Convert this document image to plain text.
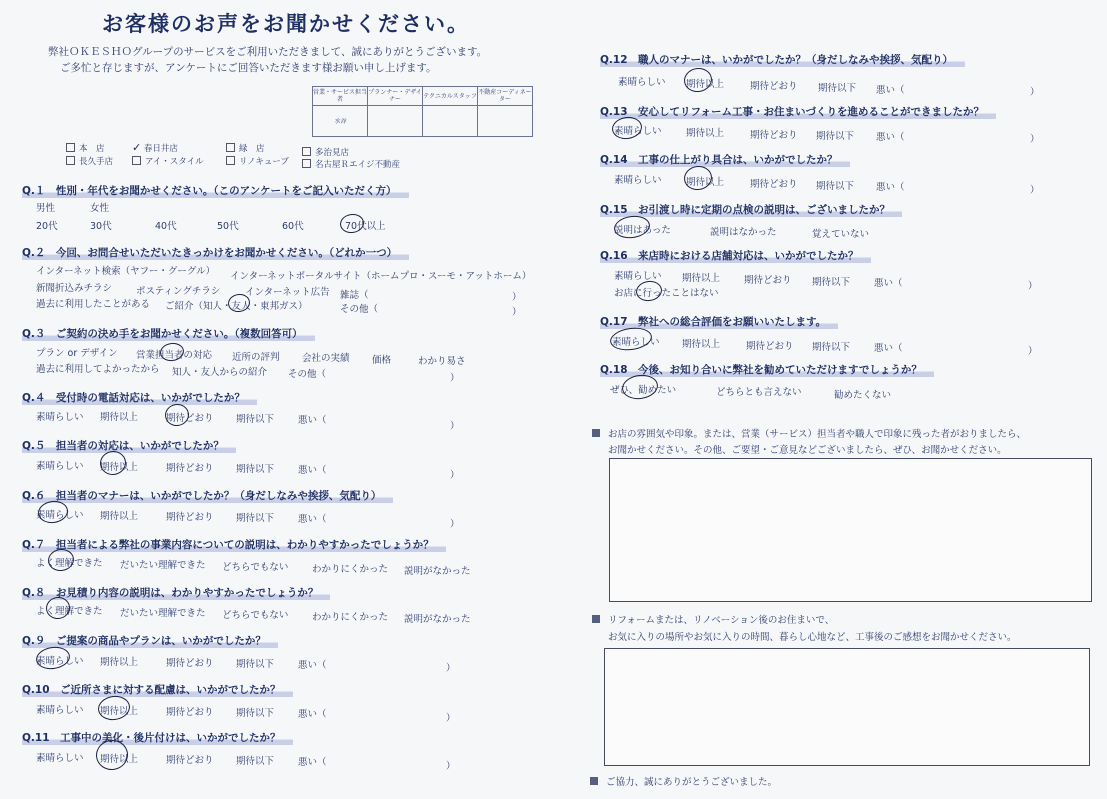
お客様のお声をお聞かせください。
弊社ＯＫＥＳＨＯグループのサービスをご利用いただきまして、誠にありがとうございます。
ご多忙と存じますが、アンケートにご回答いただきます様お願い申し上げます。
営業・サービス担当者	プランナー・デザイナー	テクニカルスタッフ	不動産コーディネーター
水谷			
本　店
長久手店
✓ 春日井店
アイ・スタイル
緑　店
リノキューブ
多治見店
名古屋Ｒエイジ不動産
Q.１　性別・年代をお聞かせください。（このアンケートをご記入いただく方）
男性	女性
20代	30代	40代	50代	60代	70代以上
Q.２　今回、お問合せいただいたきっかけをお聞かせください。（どれか一つ）
インターネット検索（ヤフー・グーグル） インターネットポータルサイト（ホームプロ・スーモ・アットホーム）
新聞折込みチラシ	ポスティングチラシ	インターネット広告 雑誌（	）
過去に利用したことがある ご紹介（知人・友人・東邦ガス）	その他（	）
Q.３　ご契約の決め手をお聞かせください。（複数回答可）
プラン or デザイン 営業担当者の対応 近所の評判 会社の実績 価格	わかり易さ
過去に利用してよかったから 知人・友人からの紹介 その他（	）
Q.４　受付時の電話対応は、いかがでしたか？
素晴らしい 期待以上	期待どおり 期待以下	悪い（
）
Q.５　担当者の対応は、いかがでしたか？
素晴らしい 期待以上	期待どおり 期待以下	悪い（	）
Q.６　担当者のマナーは、いかがでしたか？（身だしなみや挨拶、気配り）
素晴らしい 期待以上	期待どおり 期待以下	悪い（	）
Q.７　担当者による弊社の事業内容についての説明は、わかりやすかったでしょうか？
よく理解できた だいたい理解できた どちらでもない わかりにくかった 説明がなかった
Q.８　お見積り内容の説明は、わかりやすかったでしょうか？
よく理解できた だいたい理解できた どちらでもない わかりにくかった 説明がなかった
Q.９　ご提案の商品やプランは、いかがでしたか？
素晴らしい 期待以上	期待どおり 期待以下	悪い（	）
Q.10　ご近所さまに対する配慮は、いかがでしたか？
素晴らしい 期待以上	期待どおり 期待以下	悪い（	）
Q.11　工事中の美化・後片付けは、いかがでしたか？
素晴らしい 期待以上	期待どおり 期待以下	悪い（	）
Q.12　職人のマナーは、いかがでしたか？（身だしなみや挨拶、気配り）
素晴らしい 期待以上	期待どおり 期待以下 悪い（	）
Q.13　安心してリフォーム工事・お住まいづくりを進めることができましたか？
素晴らしい	期待以上	期待どおり 期待以下 悪い（	）
Q.14　工事の仕上がり具合は、いかがでしたか？
素晴らしい	期待以上	期待どおり 期待以下 悪い（	）
Q.15　お引渡し時に定期の点検の説明は、ございましたか？
説明はあった	説明はなかった	覚えていない
Q.16　来店時における店舗対応は、いかがでしたか？
素晴らしい 期待以上	期待どおり 期待以下	悪い（	）
お店に行ったことはない
Q.17　弊社への総合評価をお願いいたします。
素晴らしい 期待以上	期待どおり 期待以下	悪い（	）
Q.18　今後、お知り合いに弊社を勧めていただけますでしょうか？
ぜひ、勧めたい	どちらとも言えない	勧めたくない
お店の雰囲気や印象。または、営業（サービス）担当者や職人で印象に残った者がおりましたら、
お聞かせください。その他、ご要望・ご意見などございましたら、ぜひ、お聞かせください。
リフォームまたは、リノベーション後のお住まいで、
お気に入りの場所やお気に入りの時間、暮らし心地など、工事後のご感想をお聞かせください。
ご協力、誠にありがとうございました。
